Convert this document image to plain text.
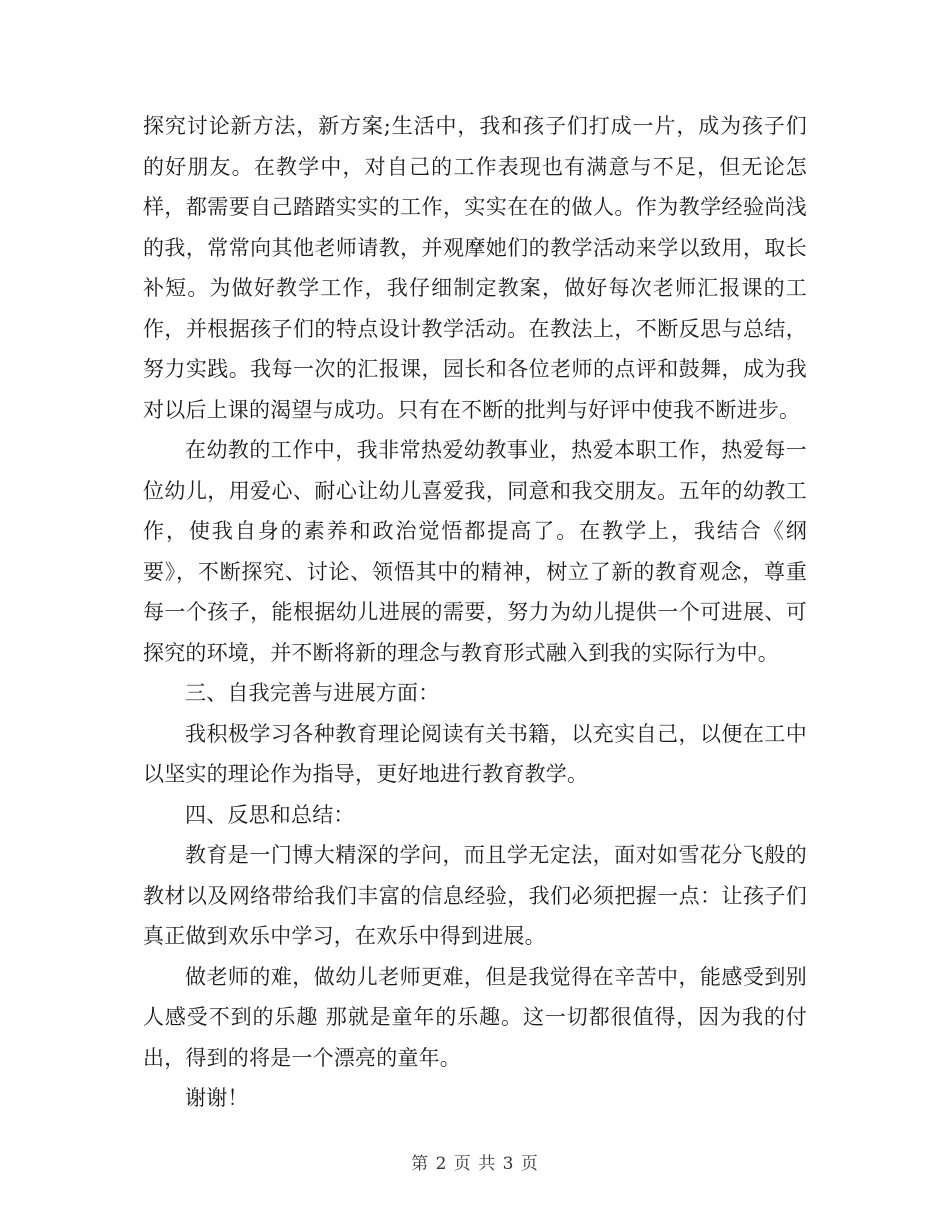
探究讨论新方法，新方案;生活中，我和孩子们打成一片，成为孩子们的好朋友。在教学中，对自己的工作表现也有满意与不足，但无论怎样，都需要自己踏踏实实的工作，实实在在的做人。作为教学经验尚浅的我，常常向其他老师请教，并观摩她们的教学活动来学以致用，取长补短。为做好教学工作，我仔细制定教案，做好每次老师汇报课的工作，并根据孩子们的特点设计教学活动。在教法上，不断反思与总结，努力实践。我每一次的汇报课，园长和各位老师的点评和鼓舞，成为我对以后上课的渴望与成功。只有在不断的批判与好评中使我不断进步。

在幼教的工作中，我非常热爱幼教事业，热爱本职工作，热爱每一位幼儿，用爱心、耐心让幼儿喜爱我，同意和我交朋友。五年的幼教工作，使我自身的素养和政治觉悟都提高了。在教学上，我结合《纲要》，不断探究、讨论、领悟其中的精神，树立了新的教育观念，尊重每一个孩子，能根据幼儿进展的需要，努力为幼儿提供一个可进展、可探究的环境，并不断将新的理念与教育形式融入到我的实际行为中。

三、自我完善与进展方面：

我积极学习各种教育理论阅读有关书籍，以充实自己，以便在工中以坚实的理论作为指导，更好地进行教育教学。

四、反思和总结：

教育是一门博大精深的学问，而且学无定法，面对如雪花分飞般的教材以及网络带给我们丰富的信息经验，我们必须把握一点：让孩子们真正做到欢乐中学习，在欢乐中得到进展。

做老师的难，做幼儿老师更难，但是我觉得在辛苦中，能感受到别人感受不到的乐趣 那就是童年的乐趣。这一切都很值得，因为我的付出，得到的将是一个漂亮的童年。

谢谢！

第 2 页 共 3 页
